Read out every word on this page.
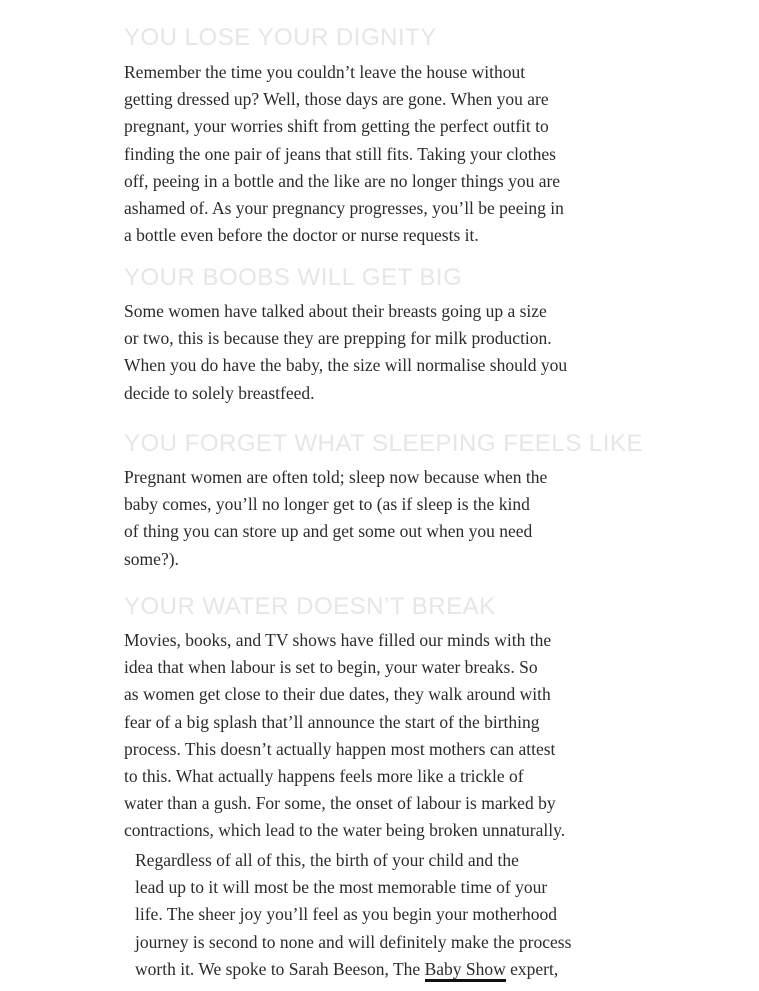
YOU LOSE YOUR DIGNITY

Remember the time you couldn’t leave the house without
getting dressed up? Well, those days are gone. When you are
pregnant, your worries shift from getting the perfect outfit to
finding the one pair of jeans that still fits. Taking your clothes
off, peeing in a bottle and the like are no longer things you are
ashamed of. As your pregnancy progresses, you’ll be peeing in
a bottle even before the doctor or nurse requests it.

YOUR BOOBS WILL GET BIG

Some women have talked about their breasts going up a size
or two, this is because they are prepping for milk production.
When you do have the baby, the size will normalise should you
decide to solely breastfeed.

YOU FORGET WHAT SLEEPING FEELS LIKE

Pregnant women are often told; sleep now because when the
baby comes, you’ll no longer get to (as if sleep is the kind
of thing you can store up and get some out when you need
some?).

YOUR WATER DOESN’T BREAK

Movies, books, and TV shows have filled our minds with the
idea that when labour is set to begin, your water breaks. So
as women get close to their due dates, they walk around with
fear of a big splash that’ll announce the start of the birthing
process. This doesn’t actually happen most mothers can attest
to this. What actually happens feels more like a trickle of
water than a gush. For some, the onset of labour is marked by
contractions, which lead to the water being broken unnaturally.

Regardless of all of this, the birth of your child and the
lead up to it will most be the most memorable time of your
life. The sheer joy you’ll feel as you begin your motherhood
journey is second to none and will definitely make the process
worth it. We spoke to Sarah Beeson, The Baby Show expert,
